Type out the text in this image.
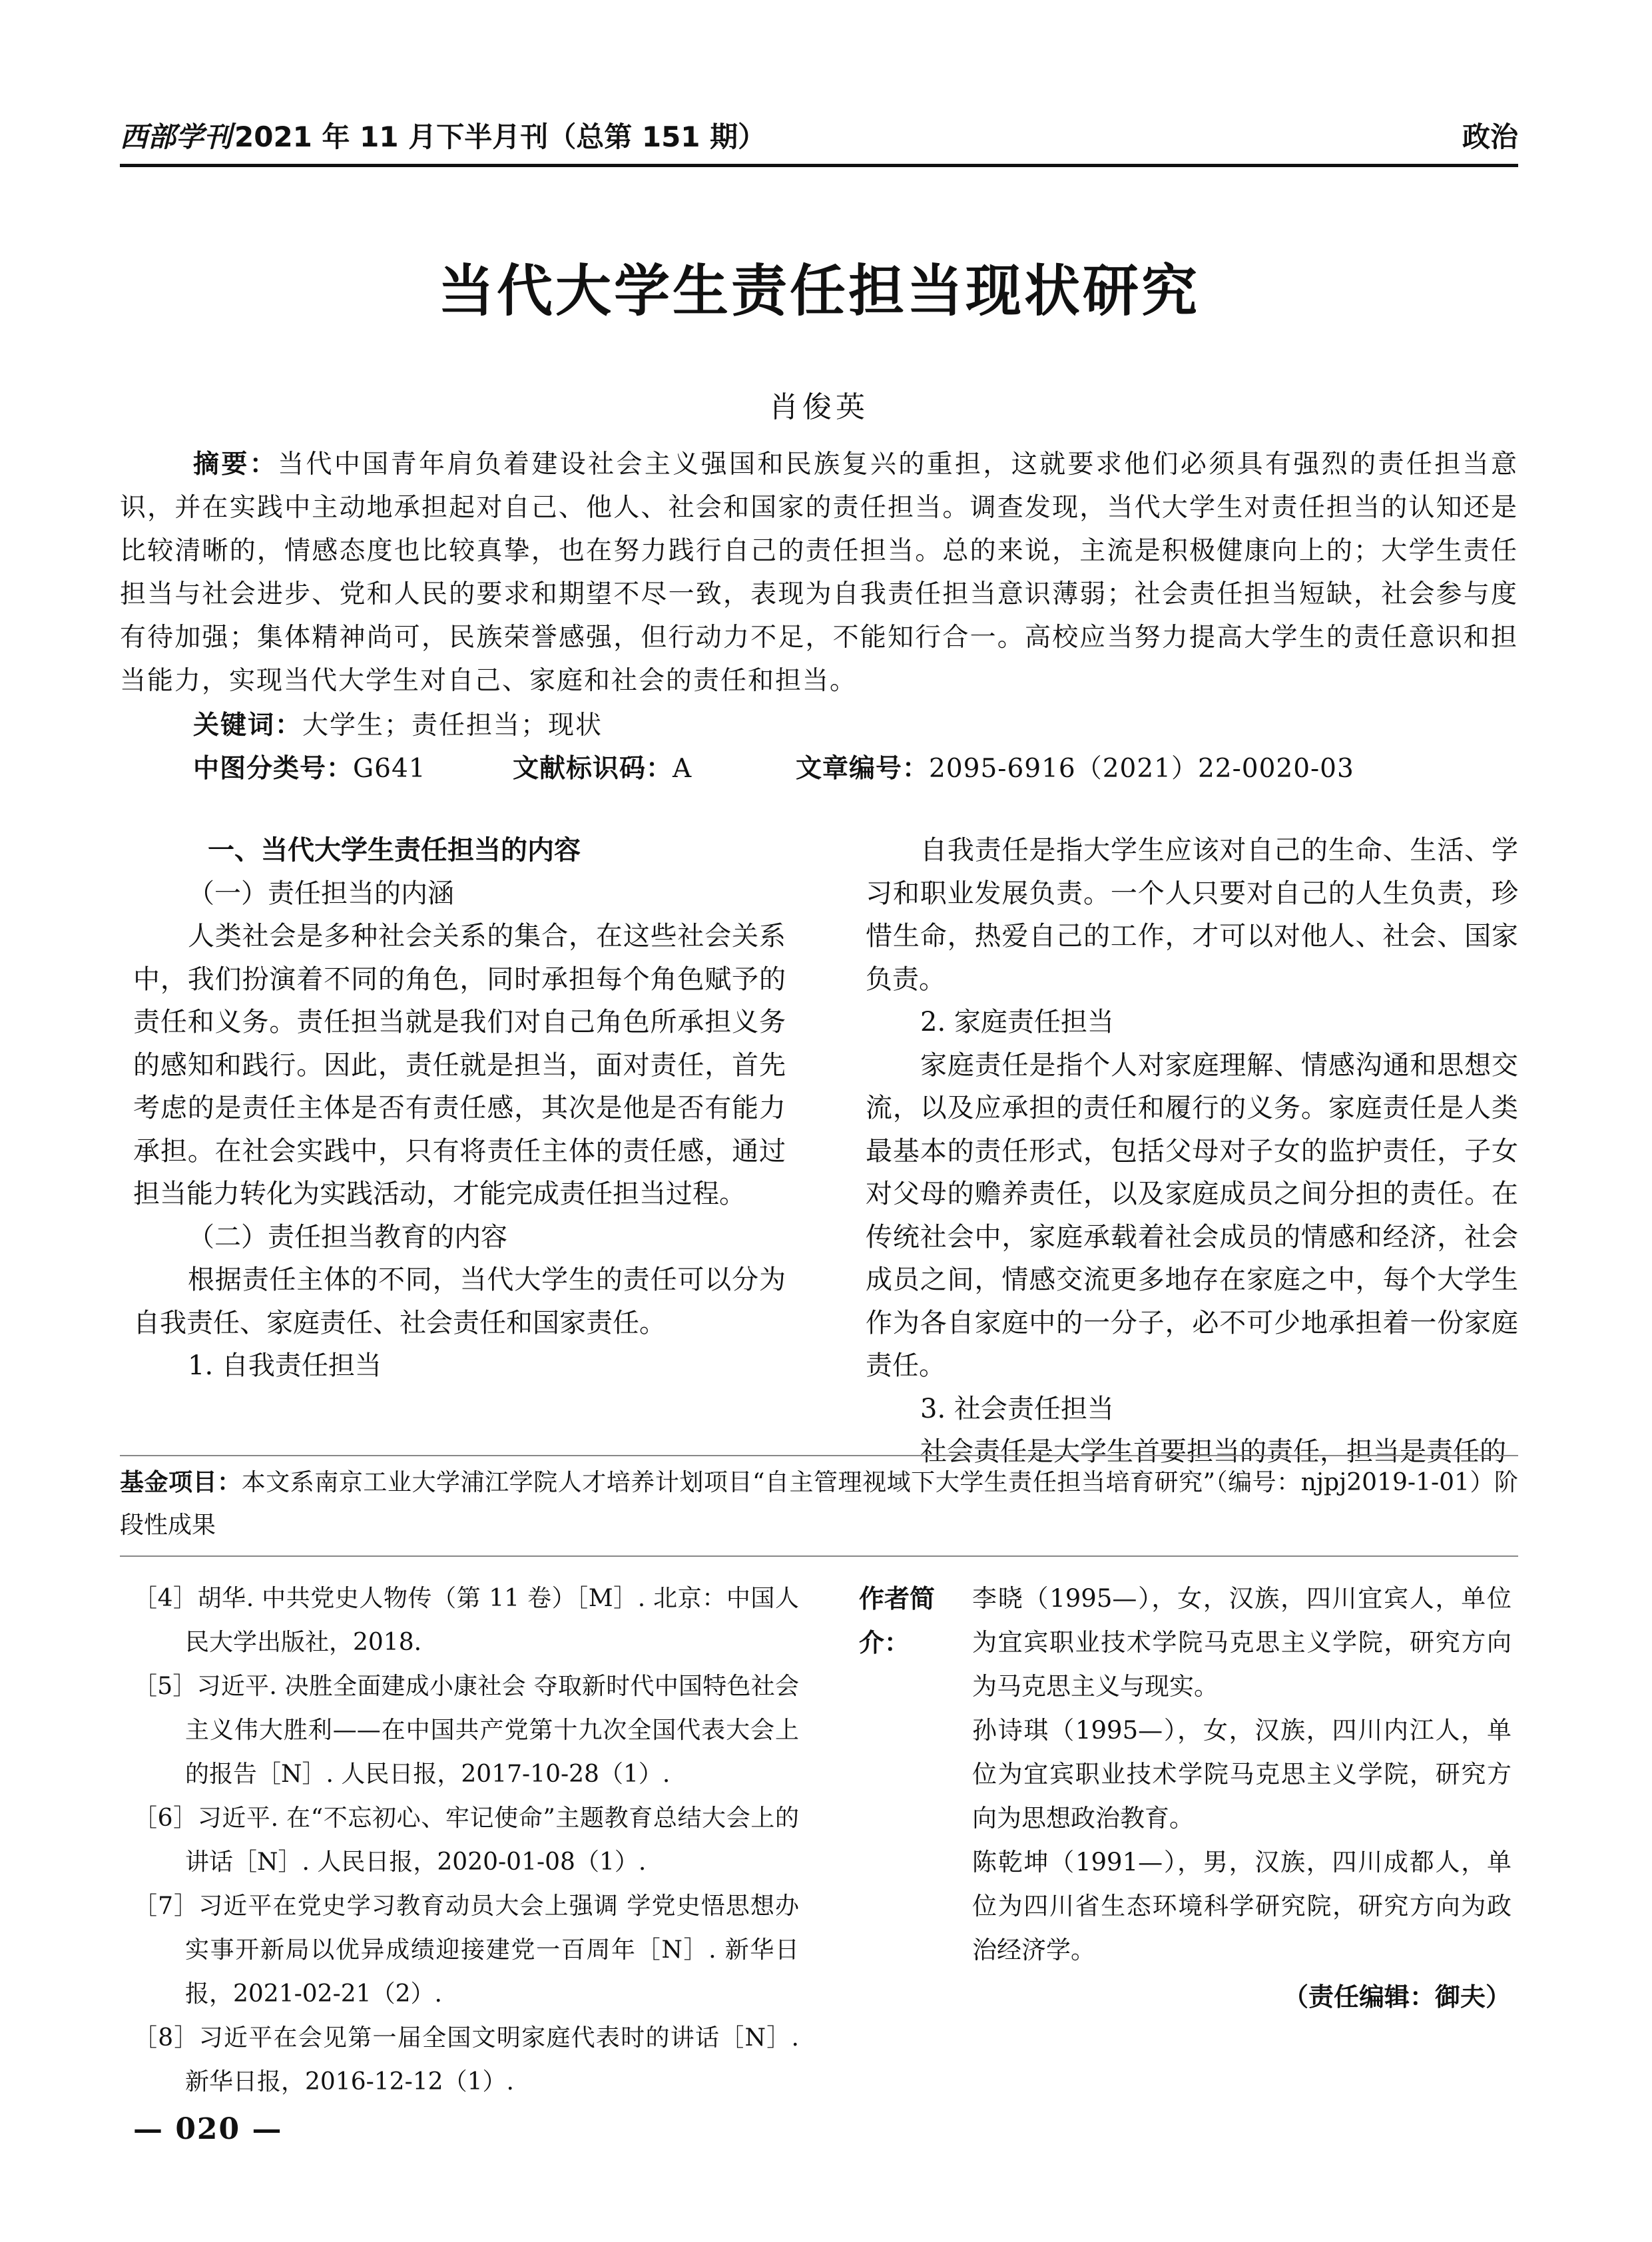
西部学刊2021 年 11 月下半月刊（总第 151 期）	政治
当代大学生责任担当现状研究
肖俊英
摘要：当代中国青年肩负着建设社会主义强国和民族复兴的重担，这就要求他们必须具有强烈的责任担当意识，并在实践中主动地承担起对自己、他人、社会和国家的责任担当。调查发现，当代大学生对责任担当的认知还是比较清晰的，情感态度也比较真挚，也在努力践行自己的责任担当。总的来说，主流是积极健康向上的；大学生责任担当与社会进步、党和人民的要求和期望不尽一致，表现为自我责任担当意识薄弱；社会责任担当短缺，社会参与度有待加强；集体精神尚可，民族荣誉感强，但行动力不足，不能知行合一。高校应当努力提高大学生的责任意识和担当能力，实现当代大学生对自己、家庭和社会的责任和担当。
关键词：大学生；责任担当；现状
中图分类号：G641	文献标识码：A	文章编号：2095-6916（2021）22-0020-03

一、当代大学生责任担当的内容

（一）责任担当的内涵

人类社会是多种社会关系的集合，在这些社会关系中，我们扮演着不同的角色，同时承担每个角色赋予的责任和义务。责任担当就是我们对自己角色所承担义务的感知和践行。因此，责任就是担当，面对责任，首先考虑的是责任主体是否有责任感，其次是他是否有能力承担。在社会实践中，只有将责任主体的责任感，通过担当能力转化为实践活动，才能完成责任担当过程。

（二）责任担当教育的内容

根据责任主体的不同，当代大学生的责任可以分为自我责任、家庭责任、社会责任和国家责任。

1. 自我责任担当

自我责任是指大学生应该对自己的生命、生活、学习和职业发展负责。一个人只要对自己的人生负责，珍惜生命，热爱自己的工作，才可以对他人、社会、国家负责。

2. 家庭责任担当

家庭责任是指个人对家庭理解、情感沟通和思想交流，以及应承担的责任和履行的义务。家庭责任是人类最基本的责任形式，包括父母对子女的监护责任，子女对父母的赡养责任，以及家庭成员之间分担的责任。在传统社会中，家庭承载着社会成员的情感和经济，社会成员之间，情感交流更多地存在家庭之中，每个大学生作为各自家庭中的一分子，必不可少地承担着一份家庭责任。

3. 社会责任担当

社会责任是大学生首要担当的责任，担当是责任的

基金项目：本文系南京工业大学浦江学院人才培养计划项目“自主管理视域下大学生责任担当培育研究”（编号：njpj2019-1-01）阶段性成果
［4］胡华. 中共党史人物传（第 11 卷）［M］. 北京：中国人民大学出版社，2018.
［5］习近平. 决胜全面建成小康社会 夺取新时代中国特色社会主义伟大胜利——在中国共产党第十九次全国代表大会上的报告［N］. 人民日报，2017-10-28（1）.
［6］习近平. 在“不忘初心、牢记使命”主题教育总结大会上的讲话［N］. 人民日报，2020-01-08（1）.
［7］习近平在党史学习教育动员大会上强调 学党史悟思想办实事开新局以优异成绩迎接建党一百周年［N］. 新华日报，2021-02-21（2）.
［8］习近平在会见第一届全国文明家庭代表时的讲话［N］. 新华日报，2016-12-12（1）.
作者简介：
李晓（1995—），女，汉族，四川宜宾人，单位为宜宾职业技术学院马克思主义学院，研究方向为马克思主义与现实。
孙诗琪（1995—），女，汉族，四川内江人，单位为宜宾职业技术学院马克思主义学院，研究方向为思想政治教育。
陈乾坤（1991—），男，汉族，四川成都人，单位为四川省生态环境科学研究院，研究方向为政治经济学。
（责任编辑：御夫）
— 020 —
